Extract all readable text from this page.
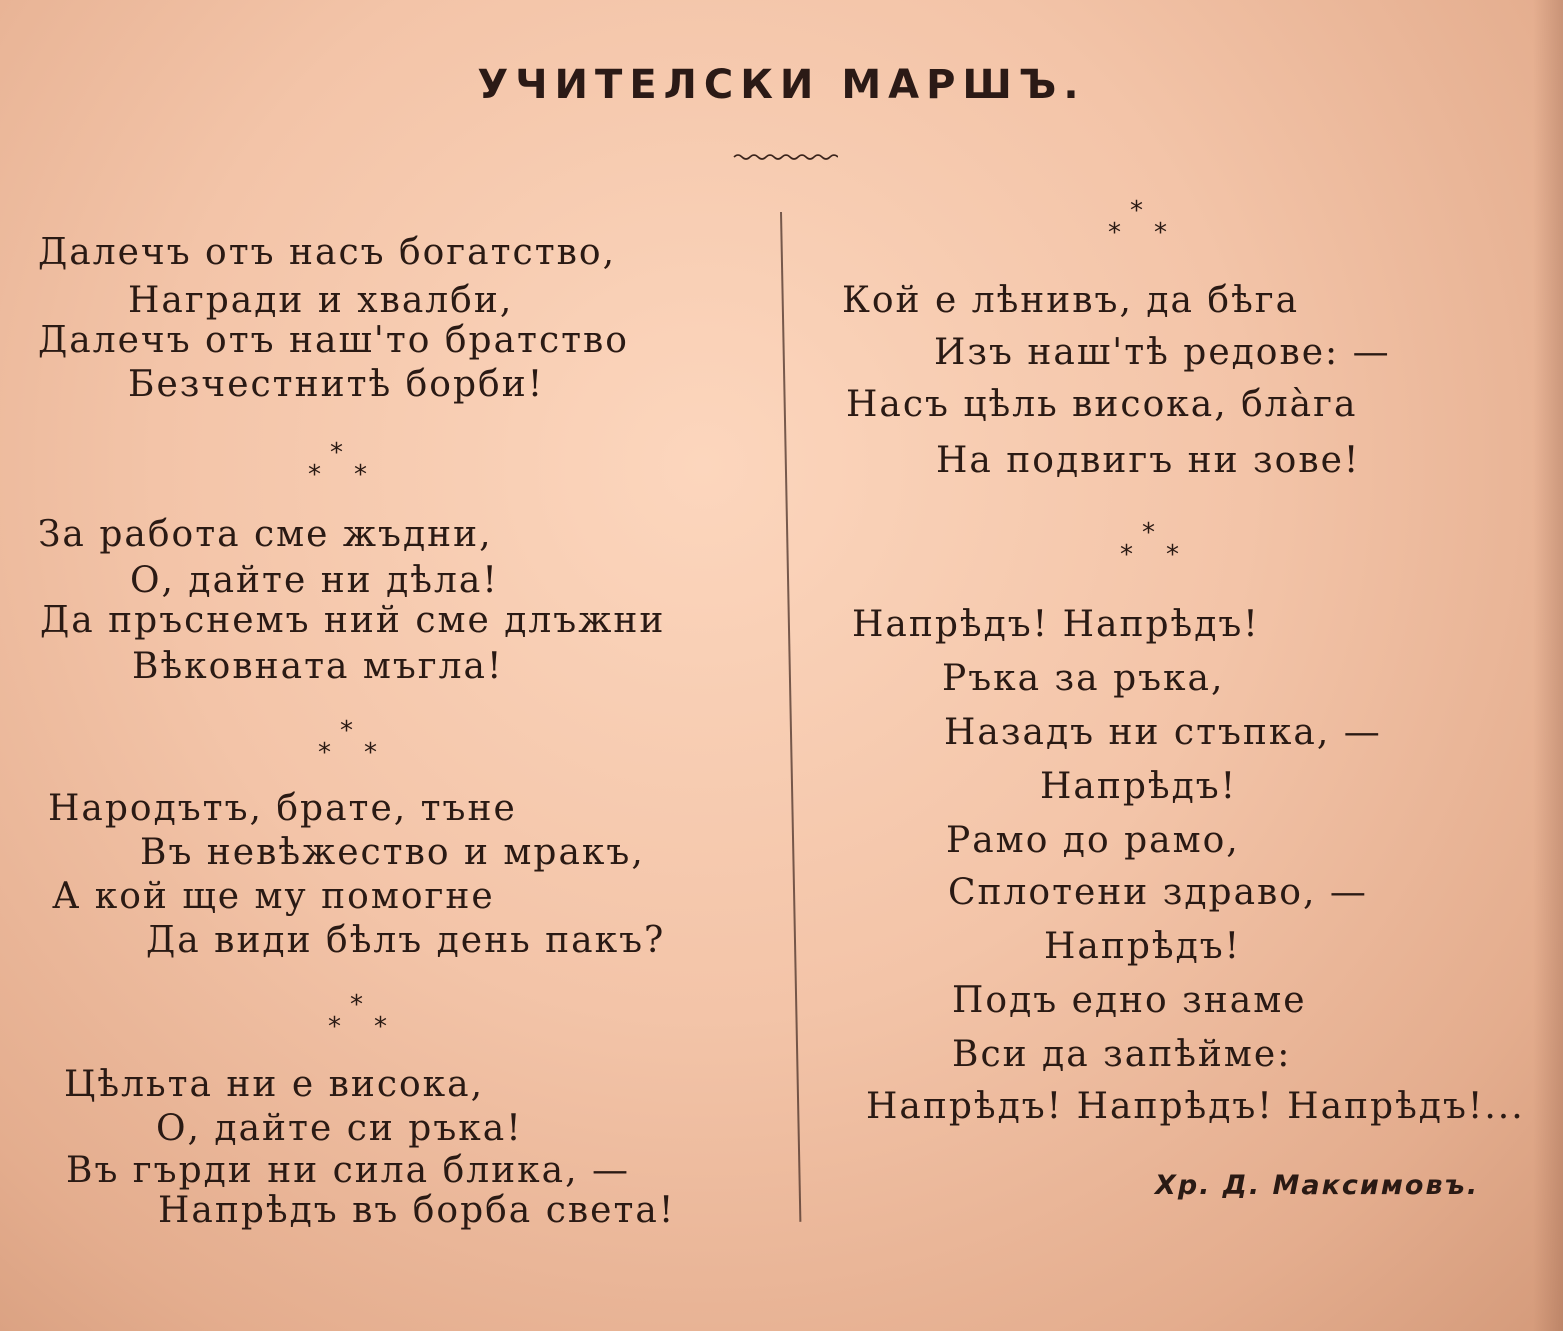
УЧИТЕЛСКИ МАРШЪ.
Далечъ отъ насъ богатство,
Награди и хвалби,
Далечъ отъ наш'то братство
Безчестнитѣ борби!
*
* *
За работа сме жъдни,
О, дайте ни дѣла!
Да пръснемъ ний сме длъжни
Вѣковната мъгла!
*
* *
Народътъ, брате, тъне
Въ невѣжество и мракъ,
А кой ще му помогне
Да види бѣлъ день пакъ?
*
* *
Цѣльта ни е висока,
О, дайте си ръка!
Въ гърди ни сила блика, —
Напрѣдъ въ борба света!
*
* *
Кой е лѣнивъ, да бѣга
Изъ наш'тѣ редове: —
Насъ цѣль висока, блàга
На подвигъ ни зове!
*
* *
Напрѣдъ! Напрѣдъ!
Ръка за ръка,
Назадъ ни стъпка, —
Напрѣдъ!
Рамо до рамо,
Сплотени здраво, —
Напрѣдъ!
Подъ едно знаме
Вси да запѣйме:
Напрѣдъ! Напрѣдъ! Напрѣдъ!...
Хр. Д. Максимовъ.
